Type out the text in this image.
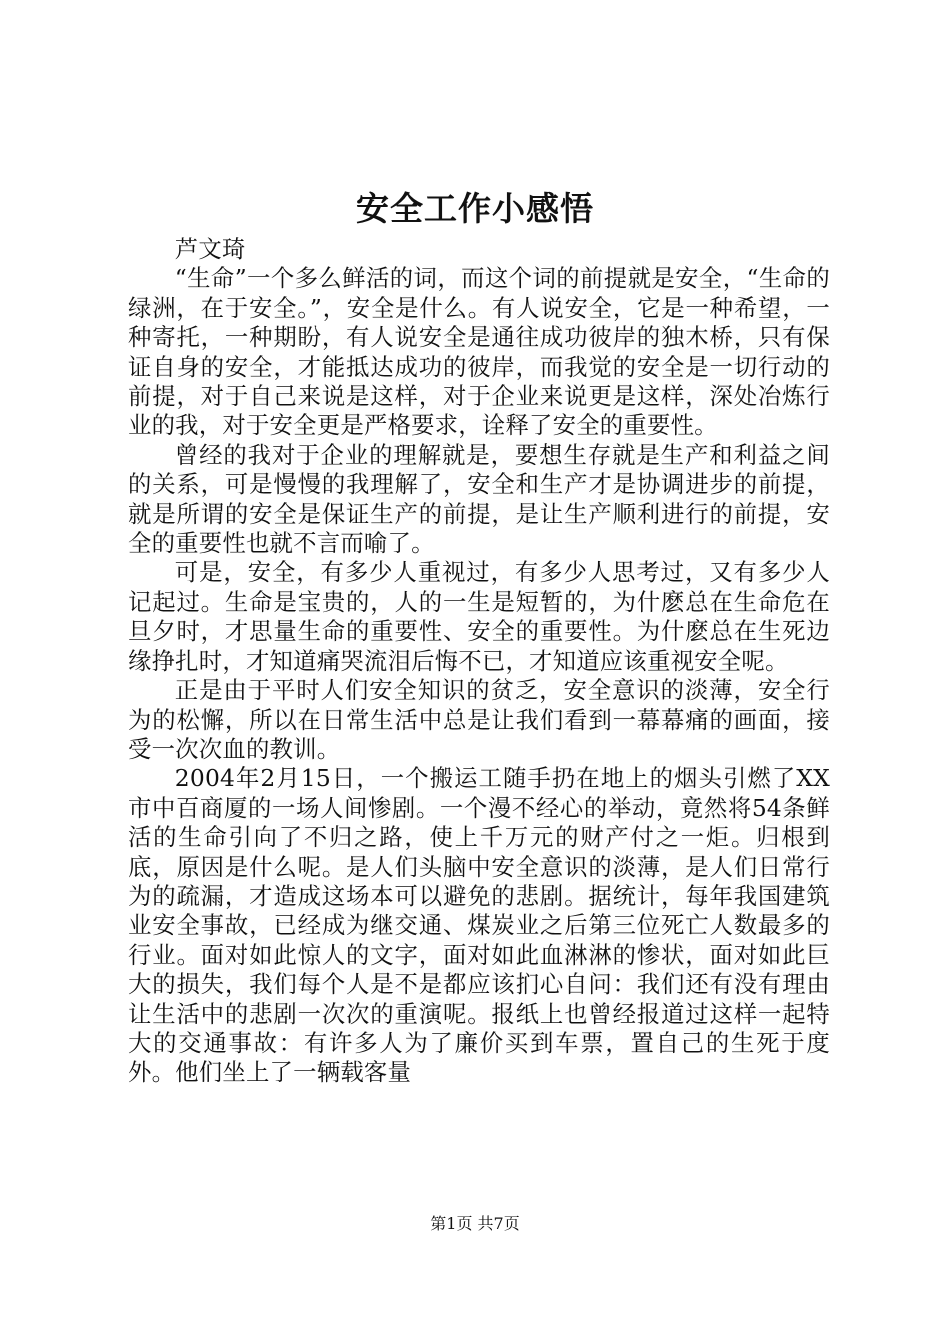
安全工作小感悟

芦文琦

“生命”一个多么鲜活的词，而这个词的前提就是安全，“生命的绿洲，在于安全。”，安全是什么。有人说安全，它是一种希望，一种寄托，一种期盼，有人说安全是通往成功彼岸的独木桥，只有保证自身的安全，才能抵达成功的彼岸，而我觉的安全是一切行动的前提，对于自己来说是这样，对于企业来说更是这样，深处冶炼行业的我，对于安全更是严格要求，诠释了安全的重要性。

曾经的我对于企业的理解就是，要想生存就是生产和利益之间的关系，可是慢慢的我理解了，安全和生产才是协调进步的前提，就是所谓的安全是保证生产的前提，是让生产顺利进行的前提，安全的重要性也就不言而喻了。

可是，安全，有多少人重视过，有多少人思考过，又有多少人记起过。生命是宝贵的，人的一生是短暂的，为什麽总在生命危在旦夕时，才思量生命的重要性、安全的重要性。为什麽总在生死边缘挣扎时，才知道痛哭流泪后悔不已，才知道应该重视安全呢。

正是由于平时人们安全知识的贫乏，安全意识的淡薄，安全行为的松懈，所以在日常生活中总是让我们看到一幕幕痛的画面，接受一次次血的教训。

2004年2月15日，一个搬运工随手扔在地上的烟头引燃了XX市中百商厦的一场人间惨剧。一个漫不经心的举动，竟然将54条鲜活的生命引向了不归之路，使上千万元的财产付之一炬。归根到底，原因是什么呢。是人们头脑中安全意识的淡薄，是人们日常行为的疏漏，才造成这场本可以避免的悲剧。据统计，每年我国建筑业安全事故，已经成为继交通、煤炭业之后第三位死亡人数最多的行业。面对如此惊人的文字，面对如此血淋淋的惨状，面对如此巨大的损失，我们每个人是不是都应该扪心自问：我们还有没有理由让生活中的悲剧一次次的重演呢。报纸上也曾经报道过这样一起特大的交通事故：有许多人为了廉价买到车票，置自己的生死于度外。他们坐上了一辆载客量

第1页 共7页
